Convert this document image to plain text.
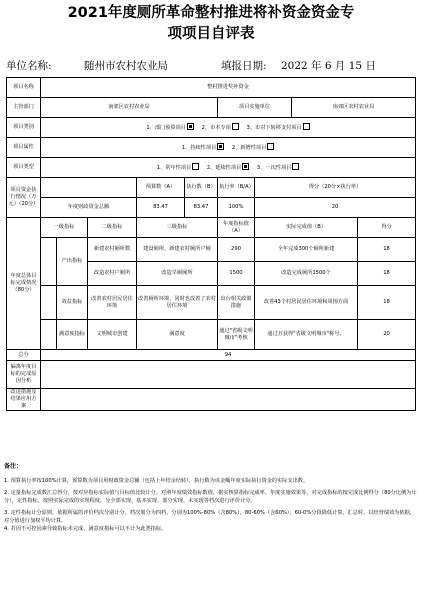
2021年度厕所革命整村推进将补资金资金专
项项目自评表
单位名称:	随州市农村农业局	填报日期: 2022 年 6 月 15 日
项目名称	整村推进奖补资金								
主管部门	南郊区农村农业局					项目实施单位		南郊区农村农业局	
项目类别	1、部门预算项目 2、市本专项 3、市对下转移支付项目								
项目属性	1、持续性项目 2、新增性项目								
项目类型	1、常年性项目 2、延续性项目 3、一次性项目								
项目资金执行情况（万元）（20分）				预算数（A）	执行数（B）	执行率（B/A）	得分（20分×执行率）		
	年度财政资金总额			83.47	83.47	100%	20		
年度总体目标完成情况（80分）	一级指标		二级指标	三级指标		年度指标值（A）	实际完成值（B）		得分
		产出指标	新建农村厕所数	建设厕所、新建农村厕所户厕		290	全年完成300个厕所新建		18
			改造农村户厕所	改造旱厕厕所		1500	改造完成厕所1500个		18
		效益指标	改善农村居民居住环境	改善厕所环境，同时也改善了农村居住环境		出台相关政策措施	改善43个村居民居住环境和周围方面		18
		满意度指标	文明城市创建	满意度		通过"省级文明城市"考核	通过且获得"省级文明城市"称号。		20
总分	94								
偏离年度目标的完成原因分析									
改进措施及结果应用方案									

备注：

1. 预算执行率按100%计算，预算数为项目用财政资金总额（包括上年结余结转），执行数为该金额年度实际执行资金的实际支出数。

2. 定量指标完成数汇总得分，按对应指标实际值与目标值比较计分。对照年度绩效指标数值，据实核算指标完成率、年度实施效果等，对完成指标的按完成比例得分（80分比例为计分），定性指标，按照实际完成的实现程度，分全部实现、基本实现、部分实现、未实现等档次进行评价计分。

3. 定性指标计分原则，依据所属的评价档次分别计分。档次划分为四档，分别为100%-80%（含80%），80-60%（含60%），60-0%分段降低计算，汇总时，以经营绩效为依据，对分值进行加权平均计算。

4. 若因不可控因素导致指标未完成，满意度指标可以不计为此类指标。
